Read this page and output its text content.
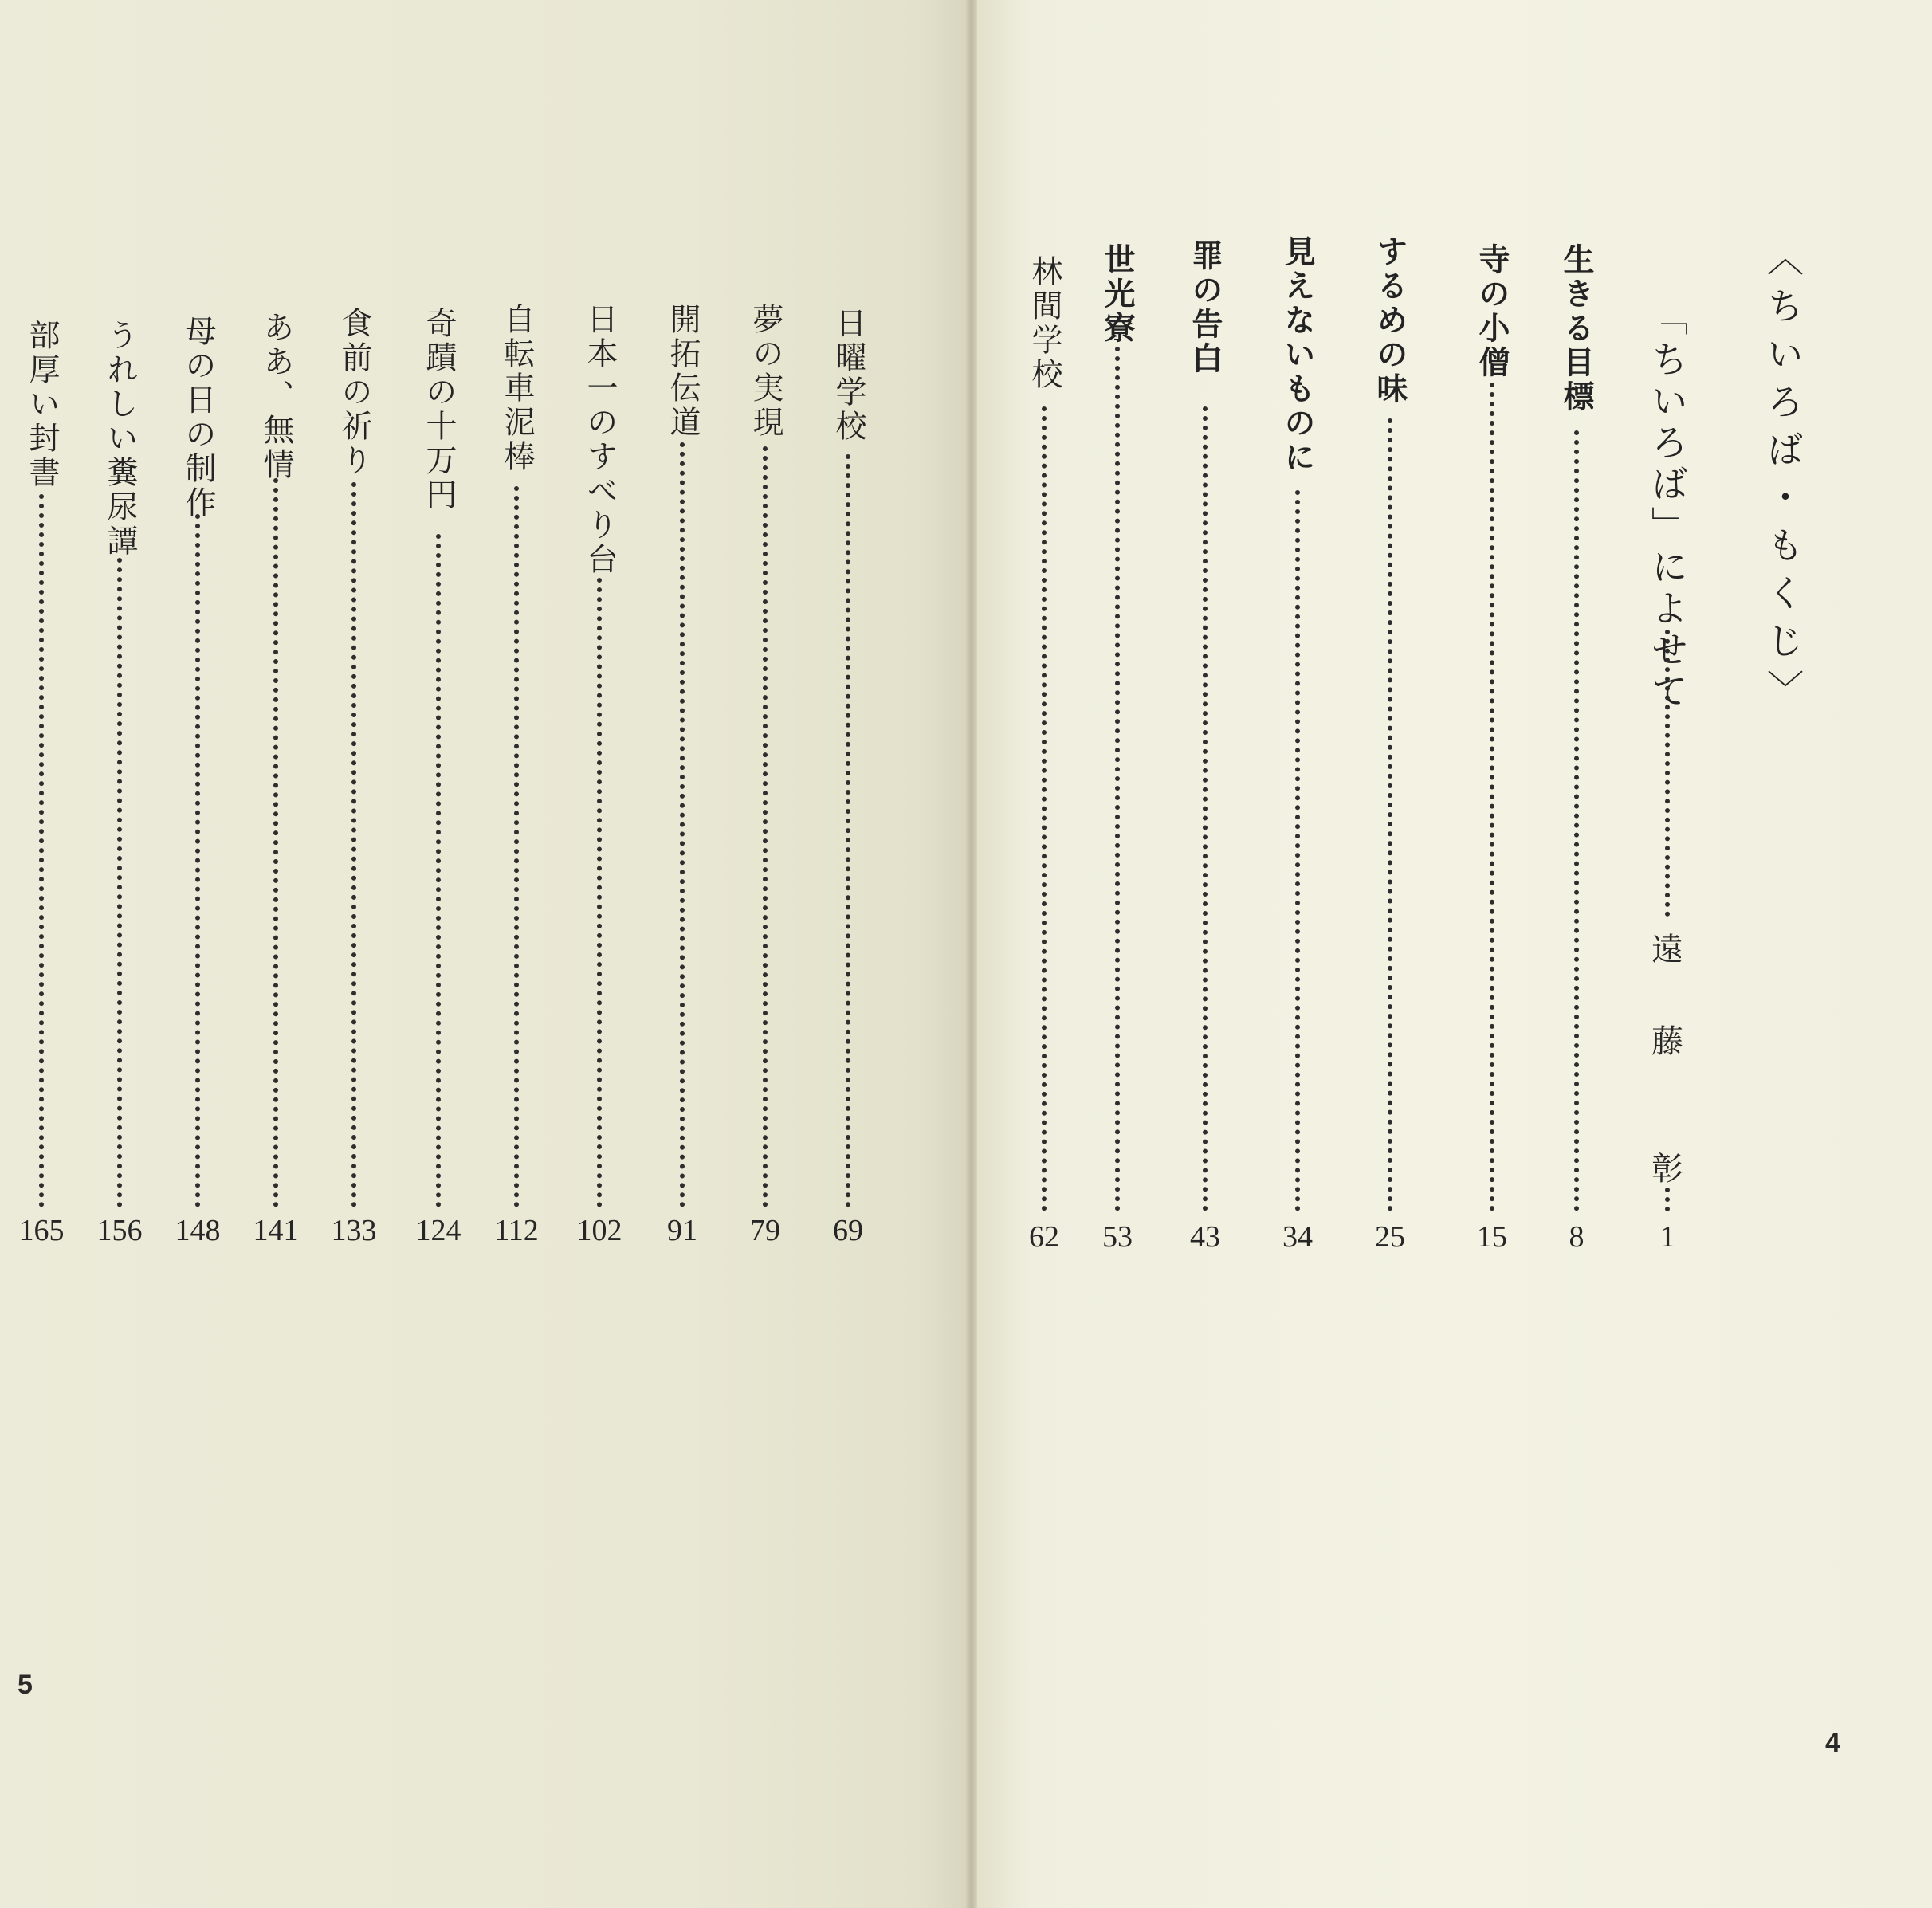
〈ちいろば・もくじ〉
「ちいろば」によせて
遠
藤
彰
1
生きる目標
8
寺の小僧
15
するめの味
25
見えないものに
34
罪の告白
43
世光寮
53
林間学校
62
日曜学校
69
夢の実現
79
開拓伝道
91
日本一のすべり台
102
自転車泥棒
112
奇蹟の十万円
124
食前の祈り
133
ああ、無情
141
母の日の制作
148
うれしい糞尿譚
156
部厚い封書
165
5
4
